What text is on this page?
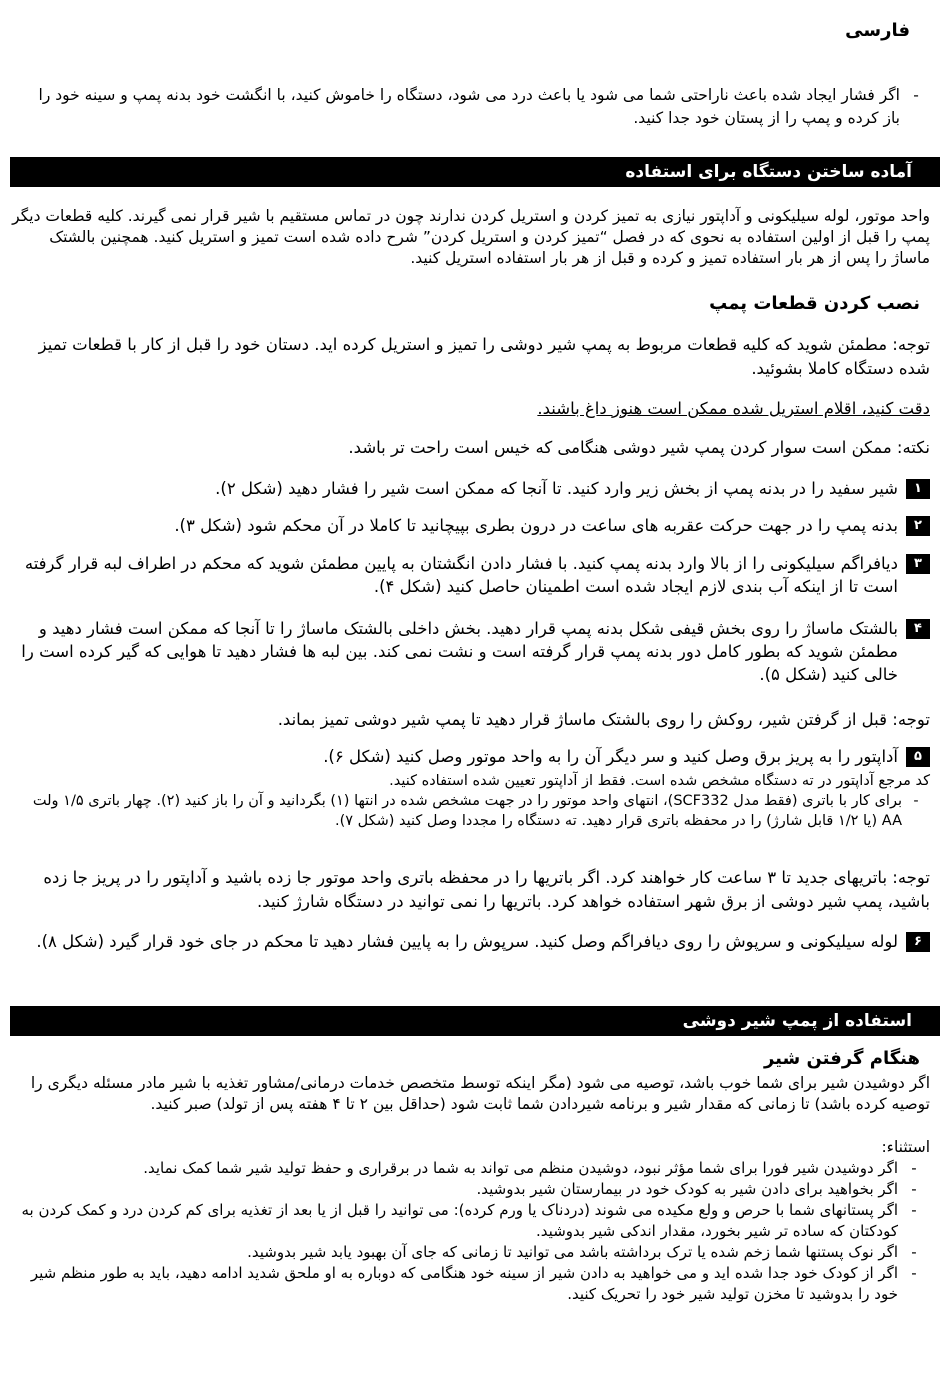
فارسی
-
اگر فشار ایجاد شده باعث ناراحتی شما می شود یا باعث درد می شود، دستگاه را خاموش کنید، با انگشت خود بدنه پمپ و سینه خود را باز کرده و پمپ را از پستان خود جدا کنید.
آماده ساختن دستگاه برای استفاده
واحد موتور، لوله سیلیکونی و آداپتور نیازی به تمیز کردن و استریل کردن ندارند چون در تماس مستقیم با شیر قرار نمی گیرند. کلیه قطعات دیگر پمپ را قبل از اولین استفاده به نحوی که در فصل “تمیز کردن و استریل کردن” شرح داده شده است تمیز و استریل کنید. همچنین بالشتک ماساژ را پس از هر بار استفاده تمیز و کرده و قبل از هر بار استفاده استریل کنید.
نصب کردن قطعات پمپ
توجه: مطمئن شوید که کلیه قطعات مربوط به پمپ شیر دوشی را تمیز و استریل کرده اید. دستان خود را قبل از کار با قطعات تمیز شده دستگاه کاملا بشوئید.
دقت کنید، اقلام استریل شده ممکن است هنوز داغ باشند.
نکته: ممکن است سوار کردن پمپ شیر دوشی هنگامی که خیس است راحت تر باشد.
۱
شیر سفید را در بدنه پمپ از بخش زیر وارد کنید. تا آنجا که ممکن است شیر را فشار دهید (شکل ۲).
۲
بدنه پمپ را در جهت حرکت عقربه های ساعت در درون بطری بپیچانید تا کاملا در آن محکم شود (شکل ۳).
۳
دیافراگم سیلیکونی را از بالا وارد بدنه پمپ کنید. با فشار دادن انگشتان به پایین مطمئن شوید که محکم در اطراف لبه قرار گرفته است تا از اینکه آب بندی لازم ایجاد شده است اطمینان حاصل کنید (شکل ۴).
۴
بالشتک ماساژ را روی بخش قیفی شکل بدنه پمپ قرار دهید. بخش داخلی بالشتک ماساژ را تا آنجا که ممکن است فشار دهید و مطمئن شوید که بطور کامل دور بدنه پمپ قرار گرفته است و نشت نمی کند. بین لبه ها فشار دهید تا هوایی که گیر کرده است را خالی کنید (شکل ۵).
توجه: قبل از گرفتن شیر، روکش را روی بالشتک ماساژ قرار دهید تا پمپ شیر دوشی تمیز بماند.
۵
آداپتور را به پریز برق وصل کنید و سر دیگر آن را به واحد موتور وصل کنید (شکل ۶).
کد مرجع آداپتور در ته دستگاه مشخص شده است. فقط از آداپتور تعیین شده استفاده کنید.
-
برای کار با باتری (فقط مدل SCF332)، انتهای واحد موتور را در جهت مشخص شده در انتها (۱) بگردانید و آن را باز کنید (۲). چهار باتری ۱/۵ ولت AA (یا ۱/۲ قابل شارژ) را در محفظه باتری قرار دهید. ته دستگاه را مجددا وصل کنید (شکل ۷).
توجه: باتریهای جدید تا ۳ ساعت کار خواهند کرد. اگر باتریها را در محفظه باتری واحد موتور جا زده باشید و آداپتور را در پریز جا زده باشید، پمپ شیر دوشی از برق شهر استفاده خواهد کرد. باتریها را نمی توانید در دستگاه شارژ کنید.
۶
لوله سیلیکونی و سرپوش را روی دیافراگم وصل کنید. سرپوش را به پایین فشار دهید تا محکم در جای خود قرار گیرد (شکل ۸).
استفاده از پمپ شیر دوشی
هنگام گرفتن شیر
اگر دوشیدن شیر برای شما خوب باشد، توصیه می شود (مگر اینکه توسط متخصص خدمات درمانی/مشاور تغذیه با شیر مادر مسئله دیگری را توصیه کرده باشد) تا زمانی که مقدار شیر و برنامه شیردادن شما ثابت شود (حداقل بین ۲ تا ۴ هفته پس از تولد) صبر کنید.
استثناء:
-
اگر دوشیدن شیر فورا برای شما مؤثر نبود، دوشیدن منظم می تواند به شما در برقراری و حفظ تولید شیر شما کمک نماید.
-
اگر بخواهید برای دادن شیر به کودک خود در بیمارستان شیر بدوشید.
-
اگر پستانهای شما با حرص و ولع مکیده می شوند (دردناک یا ورم کرده): می توانید را قبل از یا بعد از تغذیه برای کم کردن درد و کمک کردن به کودکتان که ساده تر شیر بخورد، مقدار اندکی شیر بدوشید.
-
اگر نوک پستنها شما زخم شده یا ترک برداشته باشد می توانید تا زمانی که جای آن بهبود یابد شیر بدوشید.
-
اگر از کودک خود جدا شده اید و می خواهید به دادن شیر از سینه خود هنگامی که دوباره به او ملحق شدید ادامه دهید، باید به طور منظم شیر خود را بدوشید تا مخزن تولید شیر خود را تحریک کنید.
